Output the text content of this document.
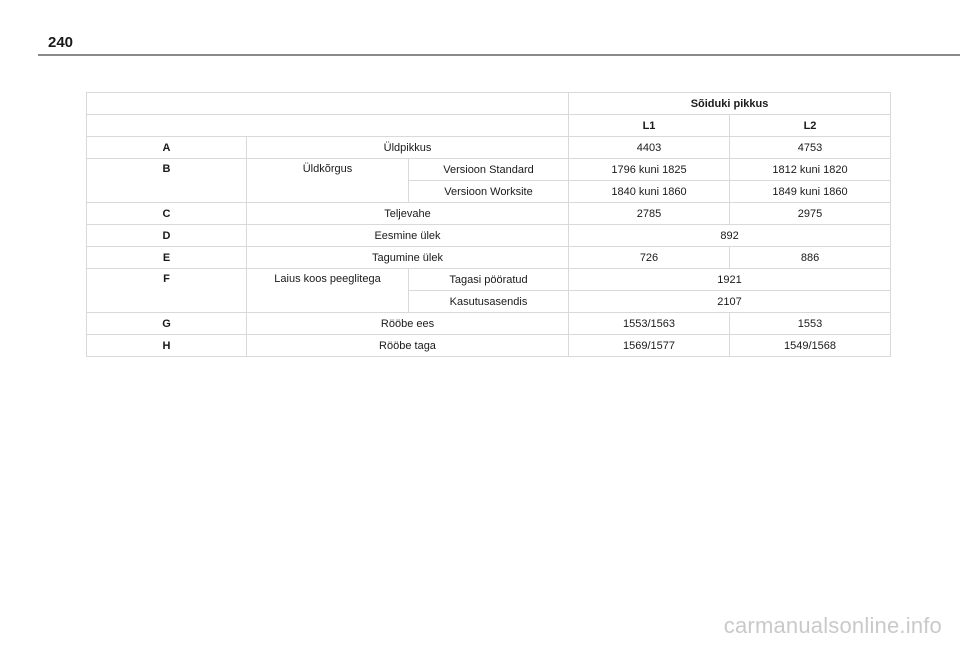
240
			Sõiduki pikkus	
			L1	L2
A	Üldpikkus		4403	4753
B	Üldkõrgus	Versioon Standard	1796 kuni 1825	1812 kuni 1820
		Versioon Worksite	1840 kuni 1860	1849 kuni 1860
C	Teljevahe		2785	2975
D	Eesmine ülek		892	
E	Tagumine ülek		726	886
F	Laius koos peeglitega	Tagasi pööratud	1921	
		Kasutusasendis	2107	
G	Rööbe ees		1553/1563	1553
H	Rööbe taga		1569/1577	1549/1568
carmanualsonline.info
